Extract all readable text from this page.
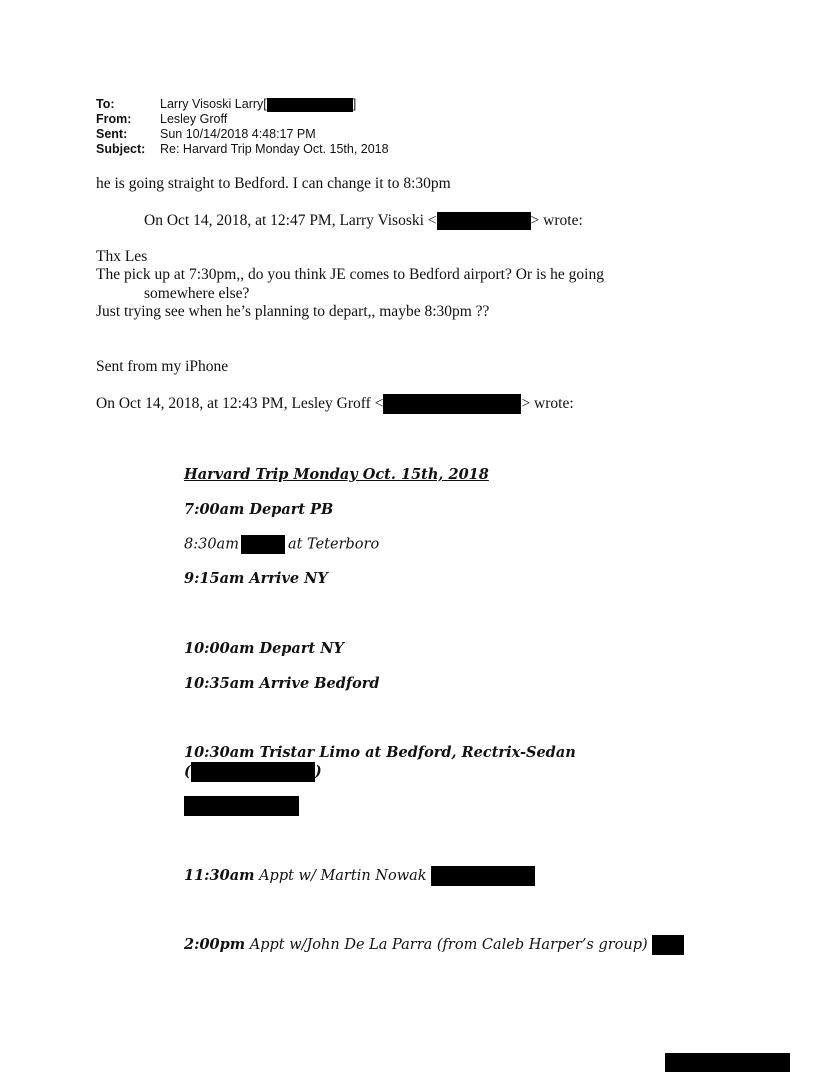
To:	Larry Visoski Larry[	]
From: Lesley Groff
Sent:	Sun 10/14/2018 4:48:17 PM
Subject: Re: Harvard Trip Monday Oct. 15th, 2018
he is going straight to Bedford. I can change it to 8:30pm
On Oct 14, 2018, at 12:47 PM, Larry Visoski <	> wrote:
Thx Les
The pick up at 7:30pm,, do you think JE comes to Bedford airport? Or is he going
somewhere else?
Just trying see when he’s planning to depart,, maybe 8:30pm ??
Sent from my iPhone
On Oct 14, 2018, at 12:43 PM, Lesley Groff <	> wrote:
Harvard Trip Monday Oct. 15th, 2018
7:00am Depart PB
8:30am	at Teterboro
9:15am Arrive NY
10:00am Depart NY
10:35am Arrive Bedford
10:30am Tristar Limo at Bedford, Rectrix-Sedan
(	)
11:30am Appt w/ Martin Nowak
2:00pm Appt w/John De La Parra (from Caleb Harper’s group)
